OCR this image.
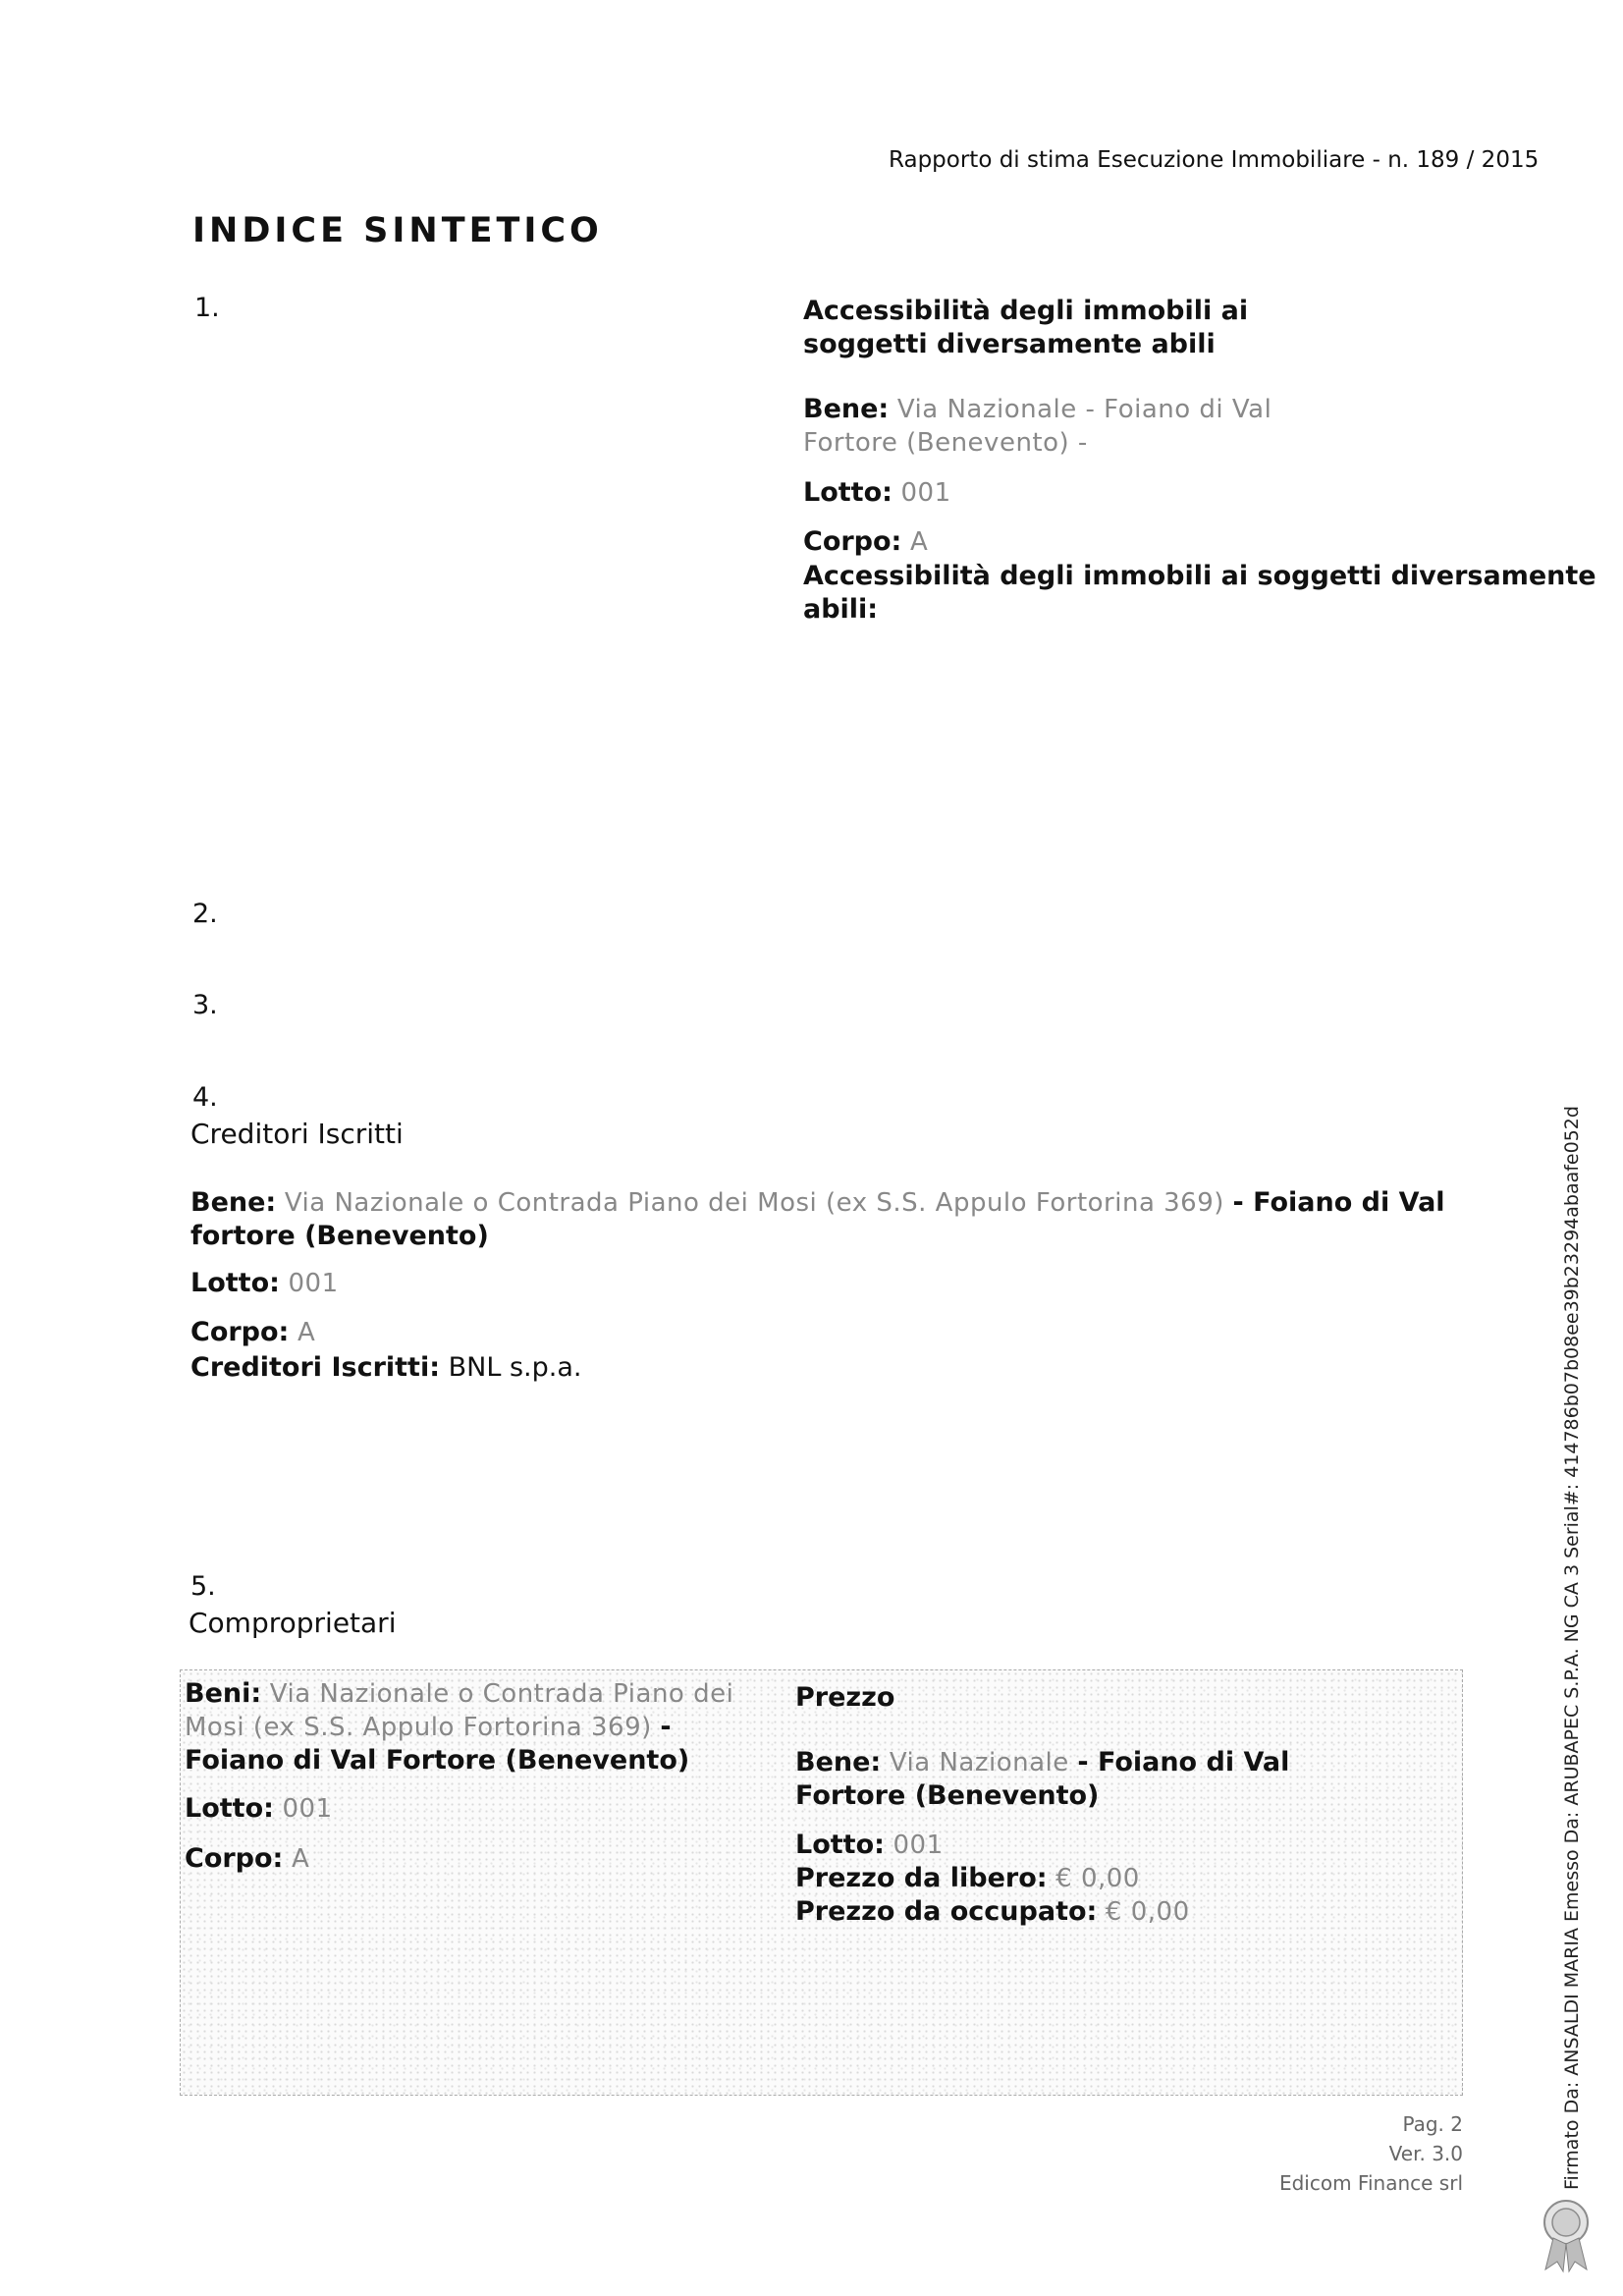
Rapporto di stima Esecuzione Immobiliare - n. 189 / 2015
INDICE SINTETICO
1.	Accessibilità degli immobili ai soggetti diversamente abili
Bene: Via Nazionale - Foiano di Val Fortore (Benevento) -
Lotto: 001
Corpo: A
Accessibilità degli immobili ai soggetti diversamente abili:
2.
3.
4.
Creditori Iscritti
Bene: Via Nazionale o Contrada Piano dei Mosi (ex S.S. Appulo Fortorina 369) - Foiano di Val fortore (Benevento)
Lotto: 001
Corpo: A
Creditori Iscritti: BNL s.p.a.
5.
Comproprietari
Beni: Via Nazionale o Contrada Piano dei Mosi (ex S.S. Appulo Fortorina 369) - Foiano di Val Fortore (Benevento)
Lotto: 001
Corpo: A
Prezzo
Bene: Via Nazionale - Foiano di Val Fortore (Benevento)
Lotto: 001
Prezzo da libero: € 0,00
Prezzo da occupato: € 0,00
Pag. 2
Ver. 3.0
Edicom Finance srl	Firmato Da: ANSALDI MARIA Emesso Da: ARUBAPEC S.P.A. NG CA 3 Serial#: 414786b07b08ee39b23294abaafe052d
